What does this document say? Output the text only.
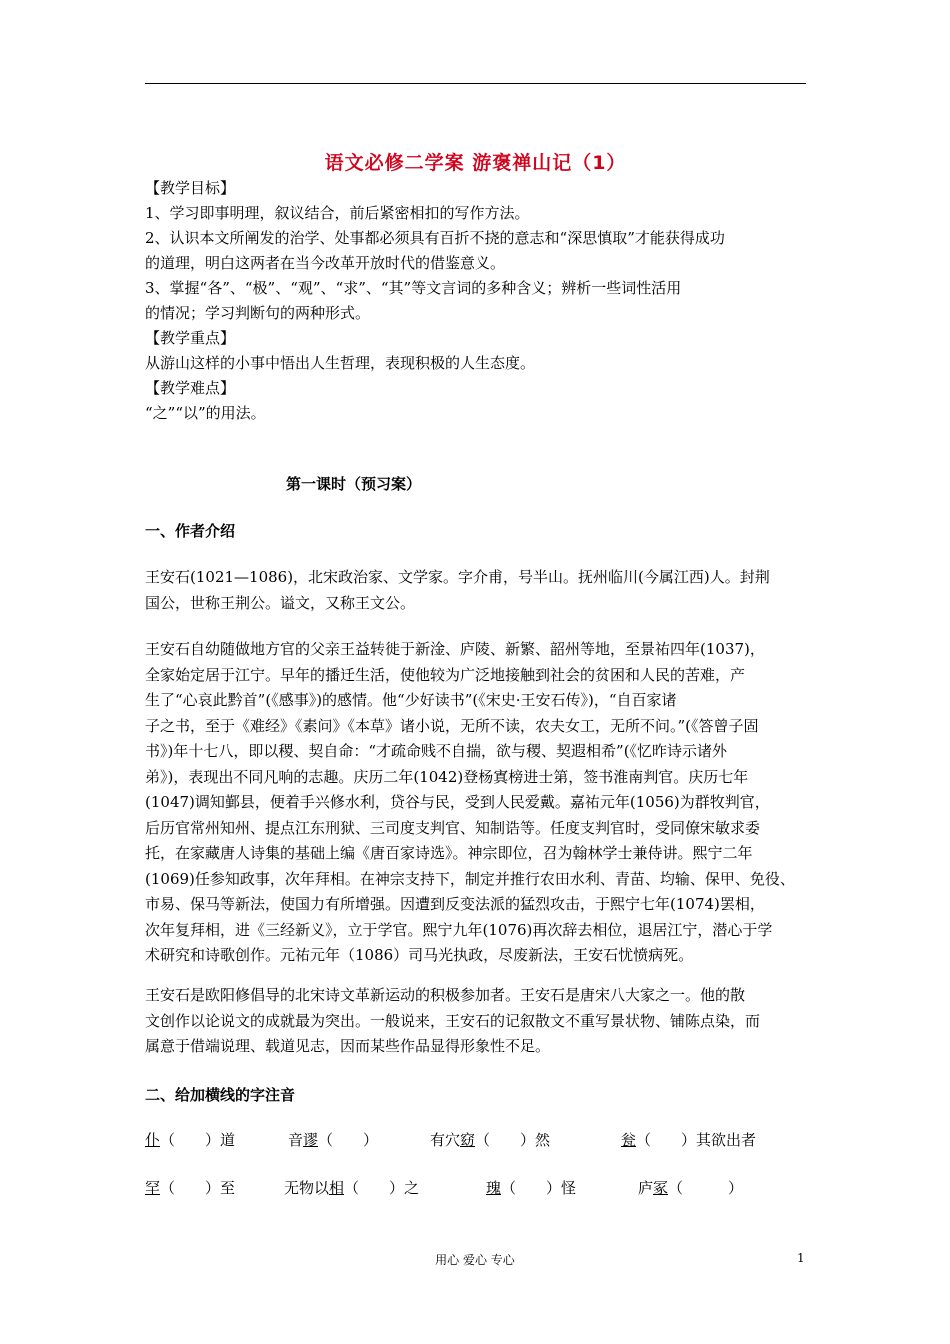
语文必修二学案 游褒禅山记（1）
【教学目标】
1、学习即事明理，叙议结合，前后紧密相扣的写作方法。
2、认识本文所阐发的治学、处事都必须具有百折不挠的意志和“深思慎取”才能获得成功
的道理，明白这两者在当今改革开放时代的借鉴意义。
3、掌握“各”、“极”、“观”、“求”、“其”等文言词的多种含义；辨析一些词性活用
的情况；学习判断句的两种形式。
【教学重点】
从游山这样的小事中悟出人生哲理，表现积极的人生态度。
【教学难点】
“之”“以”的用法。
第一课时（预习案）
一、作者介绍

王安石(1021—1086)，北宋政治家、文学家。字介甫，号半山。抚州临川(今属江西)人。封荆

国公，世称王荆公。谥文，又称王文公。

王安石自幼随做地方官的父亲王益转徙于新淦、庐陵、新繁、韶州等地，至景祐四年(1037)，

全家始定居于江宁。早年的播迁生活，使他较为广泛地接触到社会的贫困和人民的苦难，产

生了“心哀此黔首”(《感事》)的感情。他“少好读书”(《宋史·王安石传》)，“自百家诸

子之书，至于《难经》《素问》《本草》诸小说，无所不读，农夫女工，无所不问。”(《答曾子固

书》)年十七八，即以稷、契自命：“才疏命贱不自揣，欲与稷、契遐相希”(《忆昨诗示诸外

弟》)，表现出不同凡响的志趣。庆历二年(1042)登杨寘榜进士第，签书淮南判官。庆历七年

(1047)调知鄞县，便着手兴修水利，贷谷与民，受到人民爱戴。嘉祐元年(1056)为群牧判官，

后历官常州知州、提点江东刑狱、三司度支判官、知制诰等。任度支判官时，受同僚宋敏求委

托，在家藏唐人诗集的基础上编《唐百家诗选》。神宗即位，召为翰林学士兼侍讲。熙宁二年

(1069)任参知政事，次年拜相。在神宗支持下，制定并推行农田水利、青苗、均输、保甲、免役、

市易、保马等新法，使国力有所增强。因遭到反变法派的猛烈攻击，于熙宁七年(1074)罢相，

次年复拜相，进《三经新义》，立于学官。熙宁九年(1076)再次辞去相位，退居江宁，潜心于学

术研究和诗歌创作。元祐元年（1086）司马光执政，尽废新法，王安石忧愤病死。

王安石是欧阳修倡导的北宋诗文革新运动的积极参加者。王安石是唐宋八大家之一。他的散

文创作以论说文的成就最为突出。一般说来，王安石的记叙散文不重写景状物、铺陈点染，而

属意于借端说理、载道见志，因而某些作品显得形象性不足。

二、给加横线的字注音
仆（　　）道	音谬（　　）	有穴窈（　　）然	瓮（　　）其欲出者
罕（　　）至	无物以相（　　）之	瑰（　　）怪	庐冢（　　　）
用心 爱心 专心	1
